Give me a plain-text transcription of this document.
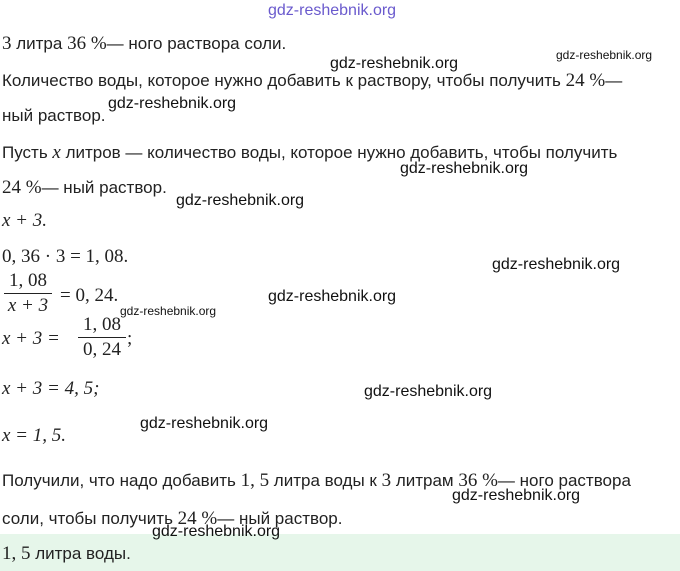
gdz-reshebnik.org
3 литра 36 %— ного раствора соли.
gdz-reshebnik.org	gdz-reshebnik.org
Количество воды, которое нужно добавить к раствору, чтобы получить 24 %—
ный раствор.
gdz-reshebnik.org
Пусть x литров — количество воды, которое нужно добавить, чтобы получить
gdz-reshebnik.org
24 %— ный раствор.
gdz-reshebnik.org
x + 3.
0, 36 · 3 = 1, 08.	gdz-reshebnik.org
1, 08
x + 3 = 0, 24.	gdz-reshebnik.org
gdz-reshebnik.org
x + 3 =
1, 08
0, 24
;
x + 3 = 4, 5;	gdz-reshebnik.org
gdz-reshebnik.org
x = 1, 5.
Получили, что надо добавить 1, 5 литра воды к 3 литрам 36 %— ного раствора
gdz-reshebnik.org
соли, чтобы получить 24 %— ный раствор.
gdz-reshebnik.org
1, 5 литра воды.
